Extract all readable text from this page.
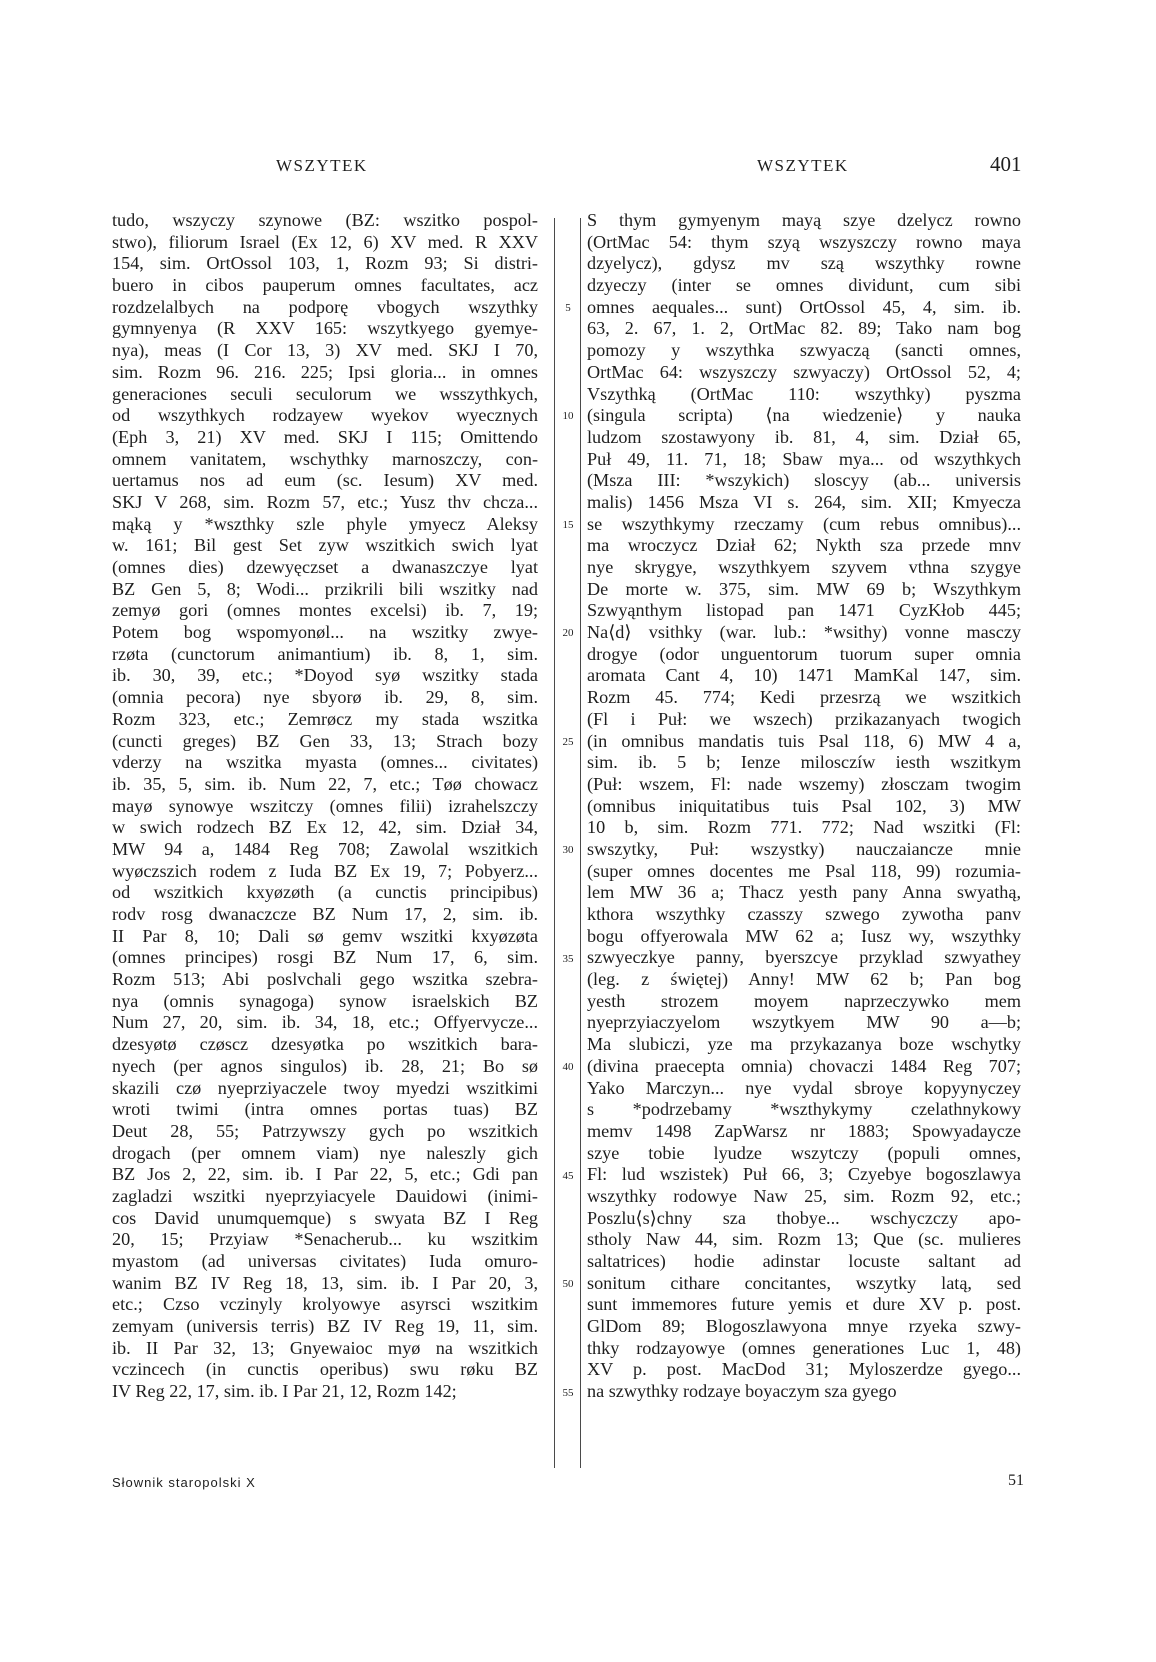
WSZYTEK	WSZYTEK	401
tudo, wszyczy szynowe (BZ: wszitko pospol-
stwo), filiorum Israel (Ex 12, 6) XV med. R XXV
154, sim. OrtOssol 103, 1, Rozm 93; Si distri-
buero in cibos pauperum omnes facultates, acz
rozdzelalbych na podporę vbogych wszythky
gymnyenya (R XXV 165: wszytkyego gyemye-
nya), meas (I Cor 13, 3) XV med. SKJ I 70,
sim. Rozm 96. 216. 225; Ipsi gloria... in omnes
generaciones seculi seculorum we wsszythkych,
od wszythkych rodzayew wyekov wyecznych
(Eph 3, 21) XV med. SKJ I 115; Omittendo
omnem vanitatem, wschythky marnoszczy, con-
uertamus nos ad eum (sc. Iesum) XV med.
SKJ V 268, sim. Rozm 57, etc.; Yusz thv chcza...
mąką y *wszthky szle phyle ymyecz Aleksy
w. 161; Bil gest Set zyw wszitkich swich lyat
(omnes dies) dzewyęczset a dwanaszczye lyat
BZ Gen 5, 8; Wodi... przikrili bili wszitky nad
zemyø gori (omnes montes excelsi) ib. 7, 19;
Potem bog wspomyonøl... na wszitky zwye-
rzøta (cunctorum animantium) ib. 8, 1, sim.
ib. 30, 39, etc.; *Doyod syø wszitky stada
(omnia pecora) nye sbyorø ib. 29, 8, sim.
Rozm 323, etc.; Zemrøcz my stada wszitka
(cuncti greges) BZ Gen 33, 13; Strach bozy
vderzy na wszitka myasta (omnes... civitates)
ib. 35, 5, sim. ib. Num 22, 7, etc.; Tøø chowacz
mayø synowye wszitczy (omnes filii) izrahelszczy
w swich rodzech BZ Ex 12, 42, sim. Dział 34,
MW 94 a, 1484 Reg 708; Zawolal wszitkich
wyøczszich rodem z Iuda BZ Ex 19, 7; Pobyerz...
od wszitkich kxyøzøth (a cunctis principibus)
rodv rosg dwanaczcze BZ Num 17, 2, sim. ib.
II Par 8, 10; Dali sø gemv wszitki kxyøzøta
(omnes principes) rosgi BZ Num 17, 6, sim.
Rozm 513; Abi poslvchali gego wszitka szebra-
nya (omnis synagoga) synow israelskich BZ
Num 27, 20, sim. ib. 34, 18, etc.; Offyervycze...
dzesyøtø czøscz dzesyøtka po wszitkich bara-
nyech (per agnos singulos) ib. 28, 21; Bo sø
skazili czø nyeprziyaczele twoy myedzi wszitkimi
wroti twimi (intra omnes portas tuas) BZ
Deut 28, 55; Patrzywszy gych po wszitkich
drogach (per omnem viam) nye naleszly gich
BZ Jos 2, 22, sim. ib. I Par 22, 5, etc.; Gdi pan
zagladzi wszitki nyeprzyiacyele Dauidowi (inimi-
cos David unumquemque) s swyata BZ I Reg
20, 15; Przyiaw *Senacherub... ku wszitkim
myastom (ad universas civitates) Iuda omuro-
wanim BZ IV Reg 18, 13, sim. ib. I Par 20, 3,
etc.; Czso vczinyly krolyowye asyrsci wszitkim
zemyam (universis terris) BZ IV Reg 19, 11, sim.
ib. II Par 32, 13; Gnyewaioc myø na wszitkich
vczincech (in cunctis operibus) swu røku BZ
IV Reg 22, 17, sim. ib. I Par 21, 12, Rozm 142;
5
10
15
20
25
30
35
40
45
50
55
S thym gymyenym mayą szye dzelycz rowno
(OrtMac 54: thym szyą wszyszczy rowno maya
dzyelycz), gdysz mv szą wszythky rowne
dzyeczy (inter se omnes dividunt, cum sibi
omnes aequales... sunt) OrtOssol 45, 4, sim. ib.
63, 2. 67, 1. 2, OrtMac 82. 89; Tako nam bog
pomozy y wszythka szwyaczą (sancti omnes,
OrtMac 64: wszyszczy szwyaczy) OrtOssol 52, 4;
Vszythką (OrtMac 110: wszythky) pyszma
(singula scripta) ⟨na wiedzenie⟩ y nauka
ludzom szostawyony ib. 81, 4, sim. Dział 65,
Puł 49, 11. 71, 18; Sbaw mya... od wszythkych
(Msza III: *wszykich) sloscyy (ab... universis
malis) 1456 Msza VI s. 264, sim. XII; Kmyecza
se wszythkymy rzeczamy (cum rebus omnibus)...
ma wroczycz Dział 62; Nykth sza przede mnv
nye skrygye, wszythkyem szyvem vthna szygye
De morte w. 375, sim. MW 69 b; Wszythkym
Szwyąnthym listopad pan 1471 CyzKłob 445;
Na⟨d⟩ vsithky (war. lub.: *wsithy) vonne masczy
drogye (odor unguentorum tuorum super omnia
aromata Cant 4, 10) 1471 MamKal 147, sim.
Rozm 45. 774; Kedi przesrzą we wszitkich
(Fl i Puł: we wszech) przikazanyach twogich
(in omnibus mandatis tuis Psal 118, 6) MW 4 a,
sim. ib. 5 b; Ienze milosczíw iesth wszitkym
(Puł: wszem, Fl: nade wszemy) złosczam twogim
(omnibus iniquitatibus tuis Psal 102, 3) MW
10 b, sim. Rozm 771. 772; Nad wszitki (Fl:
swszytky, Puł: wszystky) nauczaiancze mnie
(super omnes docentes me Psal 118, 99) rozumia-
lem MW 36 a; Thacz yesth pany Anna swyathą,
kthora wszythky czasszy szwego zywotha panv
bogu offyerowala MW 62 a; Iusz wy, wszythky
szwyeczkye panny, byerszcye przyklad szwyathey
(leg. z świętej) Anny! MW 62 b; Pan bog
yesth strozem moyem naprzeczywko mem
nyeprzyiaczyelom wszytkyem MW 90 a—b;
Ma slubiczi, yze ma przykazanya boze wschytky
(divina praecepta omnia) chovaczi 1484 Reg 707;
Yako Marczyn... nye vydal sbroye kopyynyczey
s *podrzebamy *wszthykymy czelathnykowy
memv 1498 ZapWarsz nr 1883; Spowyadayczе
szye tobie lyudze wszytczy (populi omnes,
Fl: lud wszistek) Puł 66, 3; Czyebye bogoszlawya
wszythky rodowye Naw 25, sim. Rozm 92, etc.;
Poszlu⟨s⟩chny sza thobye... wschyczczy apo-
stholy Naw 44, sim. Rozm 13; Que (sc. mulieres
saltatrices) hodie adinstar locuste saltant ad
sonitum cithare concitantes, wszytky latą, sed
sunt immemores future yemis et dure XV p. post.
GlDom 89; Blogoszlawyona mnye rzyeka szwy-
thky rodzayowye (omnes generationes Luc 1, 48)
XV p. post. MacDod 31; Myloszerdze gyego...
na szwythky rodzaye boyaczym sza gyego
Słownik staropolski X	51
